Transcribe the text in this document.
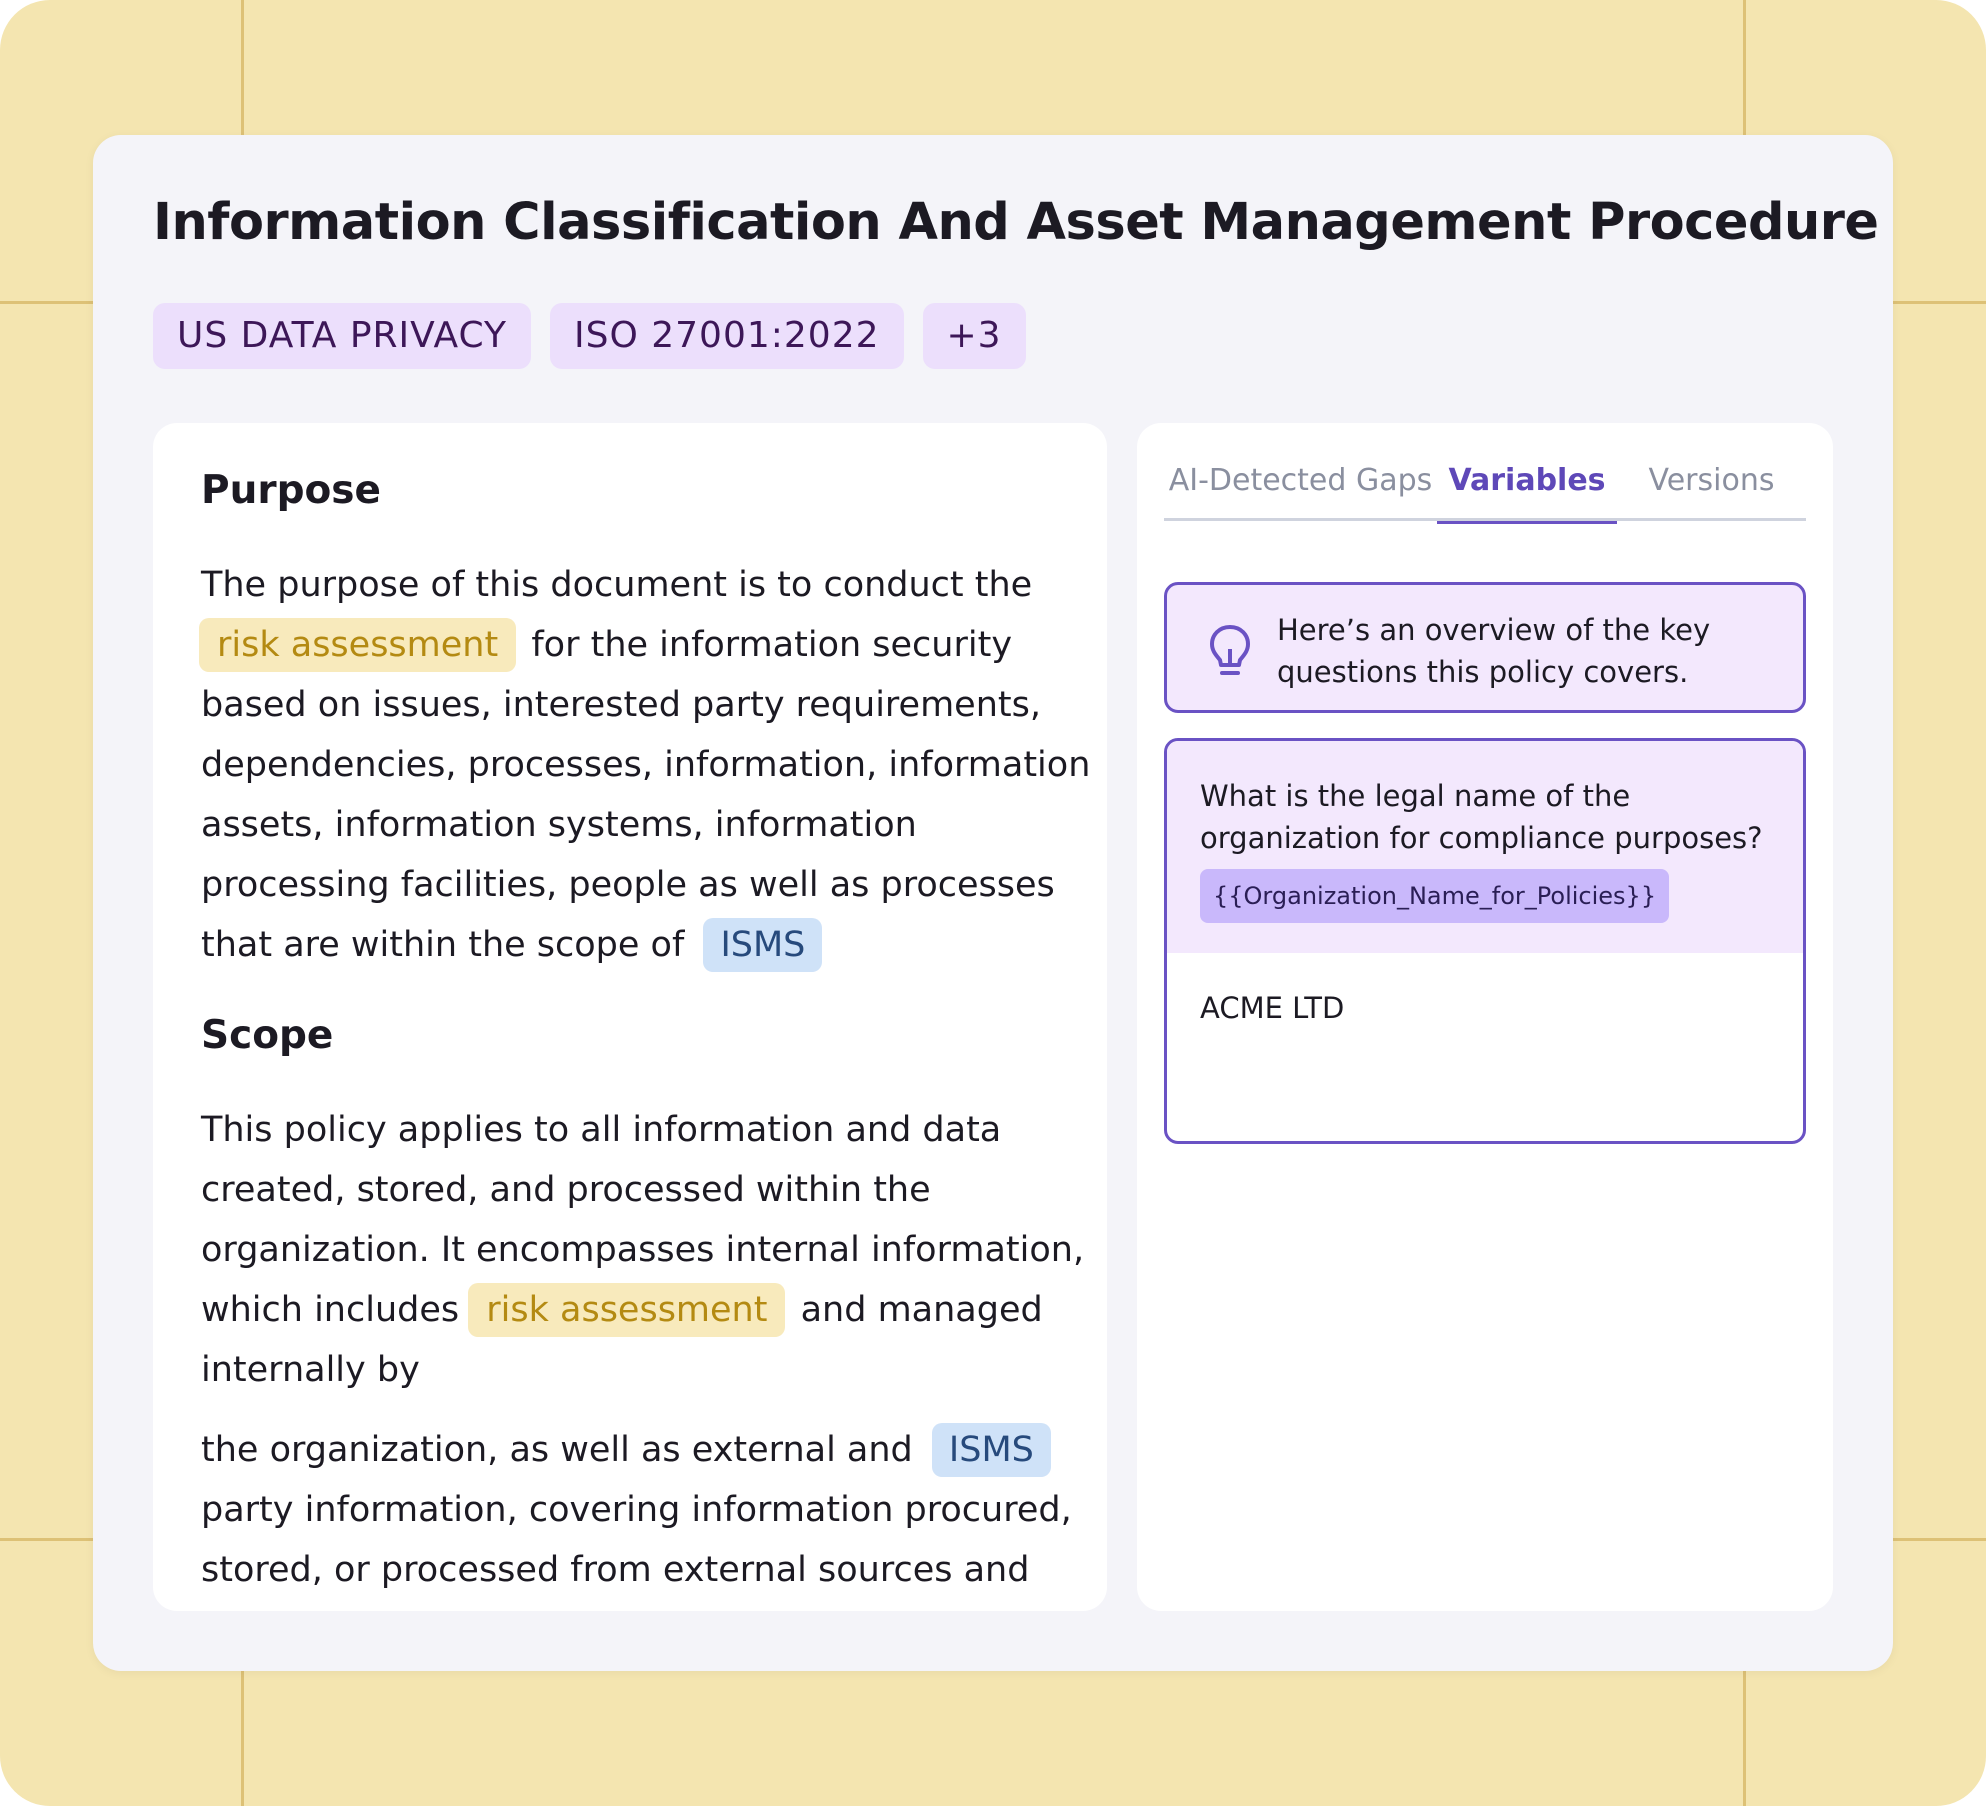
Information Classification And Asset Management Procedure
US DATA PRIVACY	ISO 27001:2022	+3
Purpose
The purpose of this document is to conduct the
risk assessment for the information security
based on issues, interested party requirements,
dependencies, processes, information, information
assets, information systems, information
processing facilities, people as well as processes
that are within the scope of ISMS
Scope
This policy applies to all information and data
created, stored, and processed within the
organization. It encompasses internal information,
which includes risk assessment and managed
internally by
the organization, as well as external and ISMS
party information, covering information procured,
stored, or processed from external sources and
AI-Detected Gaps Variables	Versions
Here’s an overview of the key questions this policy covers.
What is the legal name of the organization for compliance purposes?
{{Organization_Name_for_Policies}}
ACME LTD
